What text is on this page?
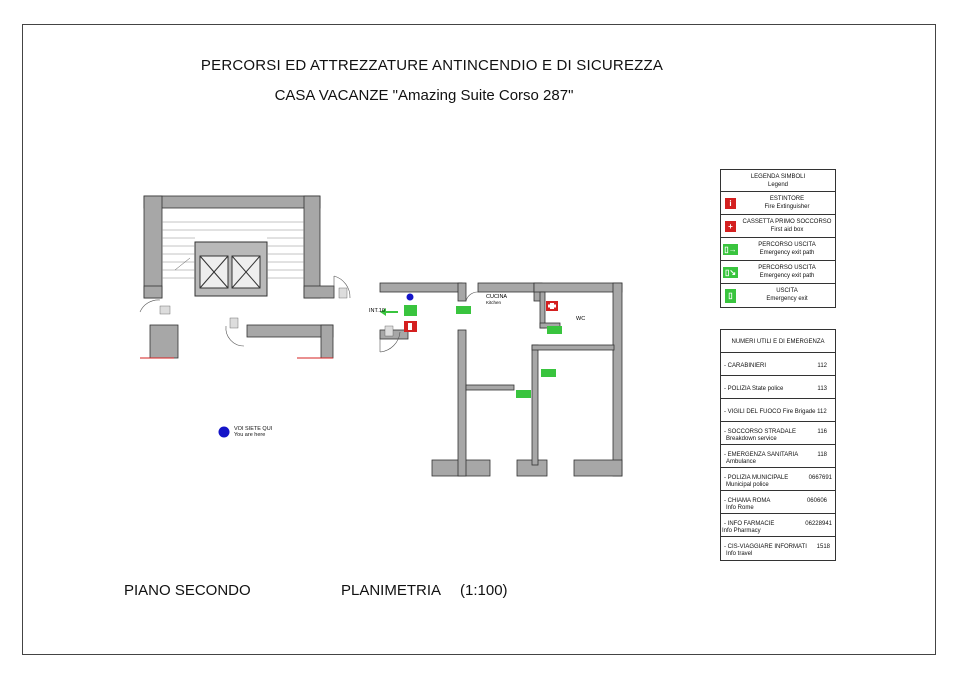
PERCORSI ED ATTREZZATURE ANTINCENDIO E DI SICUREZZA
CASA VACANZE "Amazing Suite Corso 287"
INT.10
CUCINA
Kitchen
WC
VOI SIETE QUI
You are here
LEGENDA SIMBOLI
Legend
i	ESTINTORE
Fire Extinguisher
+	CASSETTA PRIMO SOCCORSO
First aid box
▯→	PERCORSO USCITA
Emergency exit path
▯↘	PERCORSO USCITA
Emergency exit path
▯	USCITA
Emergency exit
NUMERI UTILI E DI EMERGENZA
- CARABINIERI	112
- POLIZIA State police	113
- VIGILI DEL FUOCO Fire Brigade 112
- SOCCORSO STRADALE	116
Breakdown service
- EMERGENZA SANITARIA	118
Ambulance
- POLIZIA MUNICIPALE	0667691
Municipal police
- CHIAMA ROMA	060606
Info Rome
- INFO FARMACIE	06228941
Info Pharmacy
- CIS-VIAGGIARE INFORMATI 1518
Info travel
PIANO SECONDO	PLANIMETRIA (1:100)
